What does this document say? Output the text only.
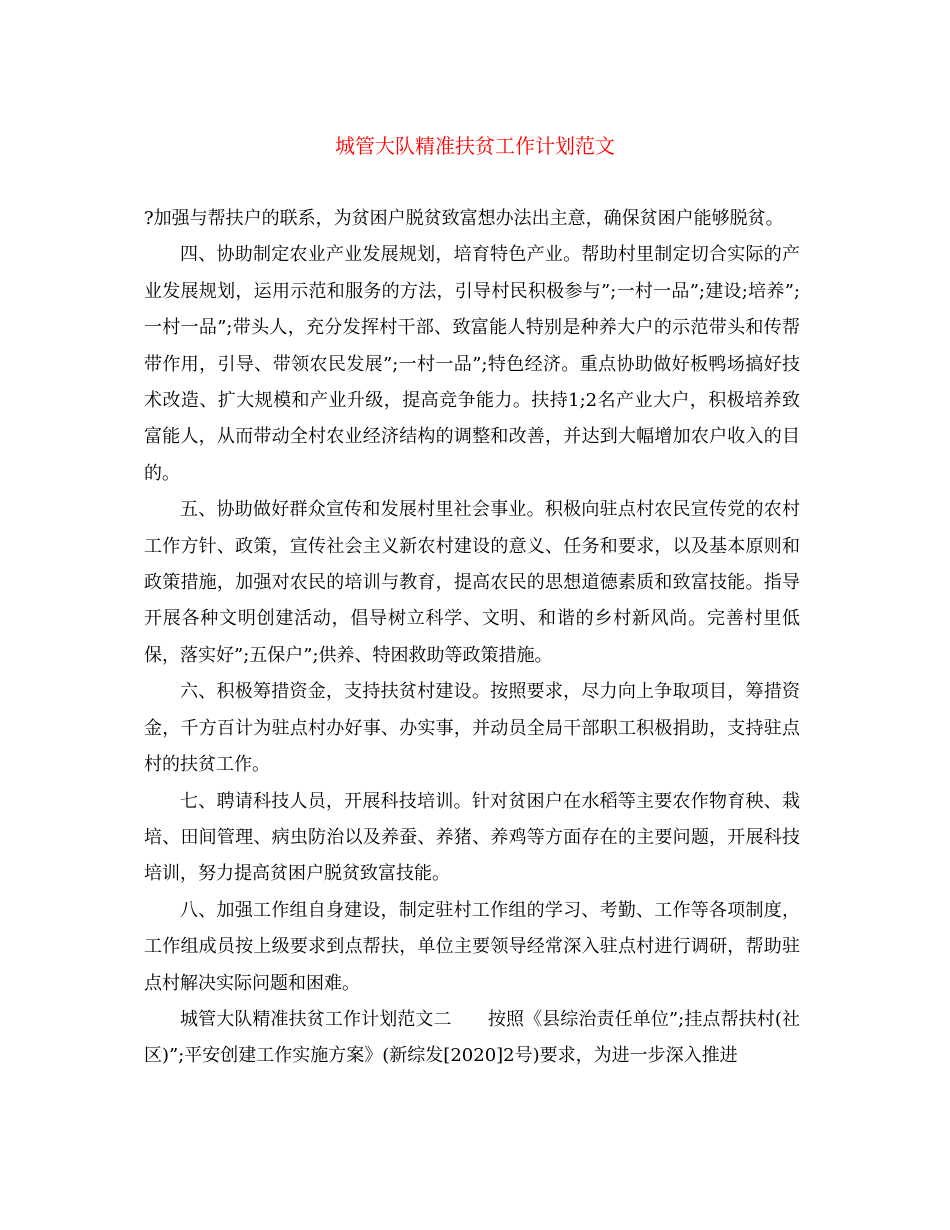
城管大队精准扶贫工作计划范文

?加强与帮扶户的联系，为贫困户脱贫致富想办法出主意，确保贫困户能够脱贫。

四、协助制定农业产业发展规划，培育特色产业。帮助村里制定切合实际的产业发展规划，运用示范和服务的方法，引导村民积极参与”;一村一品”;建设;培养”;一村一品”;带头人，充分发挥村干部、致富能人特别是种养大户的示范带头和传帮带作用，引导、带领农民发展”;一村一品”;特色经济。重点协助做好板鸭场搞好技术改造、扩大规模和产业升级，提高竞争能力。扶持1;2名产业大户，积极培养致富能人，从而带动全村农业经济结构的调整和改善，并达到大幅增加农户收入的目的。

五、协助做好群众宣传和发展村里社会事业。积极向驻点村农民宣传党的农村工作方针、政策，宣传社会主义新农村建设的意义、任务和要求，以及基本原则和政策措施，加强对农民的培训与教育，提高农民的思想道德素质和致富技能。指导开展各种文明创建活动，倡导树立科学、文明、和谐的乡村新风尚。完善村里低保，落实好”;五保户”;供养、特困救助等政策措施。

六、积极筹措资金，支持扶贫村建设。按照要求，尽力向上争取项目，筹措资金，千方百计为驻点村办好事、办实事，并动员全局干部职工积极捐助，支持驻点村的扶贫工作。

七、聘请科技人员，开展科技培训。针对贫困户在水稻等主要农作物育秧、栽培、田间管理、病虫防治以及养蚕、养猪、养鸡等方面存在的主要问题，开展科技培训，努力提高贫困户脱贫致富技能。

八、加强工作组自身建设，制定驻村工作组的学习、考勤、工作等各项制度，工作组成员按上级要求到点帮扶，单位主要领导经常深入驻点村进行调研，帮助驻点村解决实际问题和困难。

城管大队精准扶贫工作计划范文二　　按照《县综治责任单位”;挂点帮扶村(社区)”;平安创建工作实施方案》(新综发[2020]2号)要求，为进一步深入推进
